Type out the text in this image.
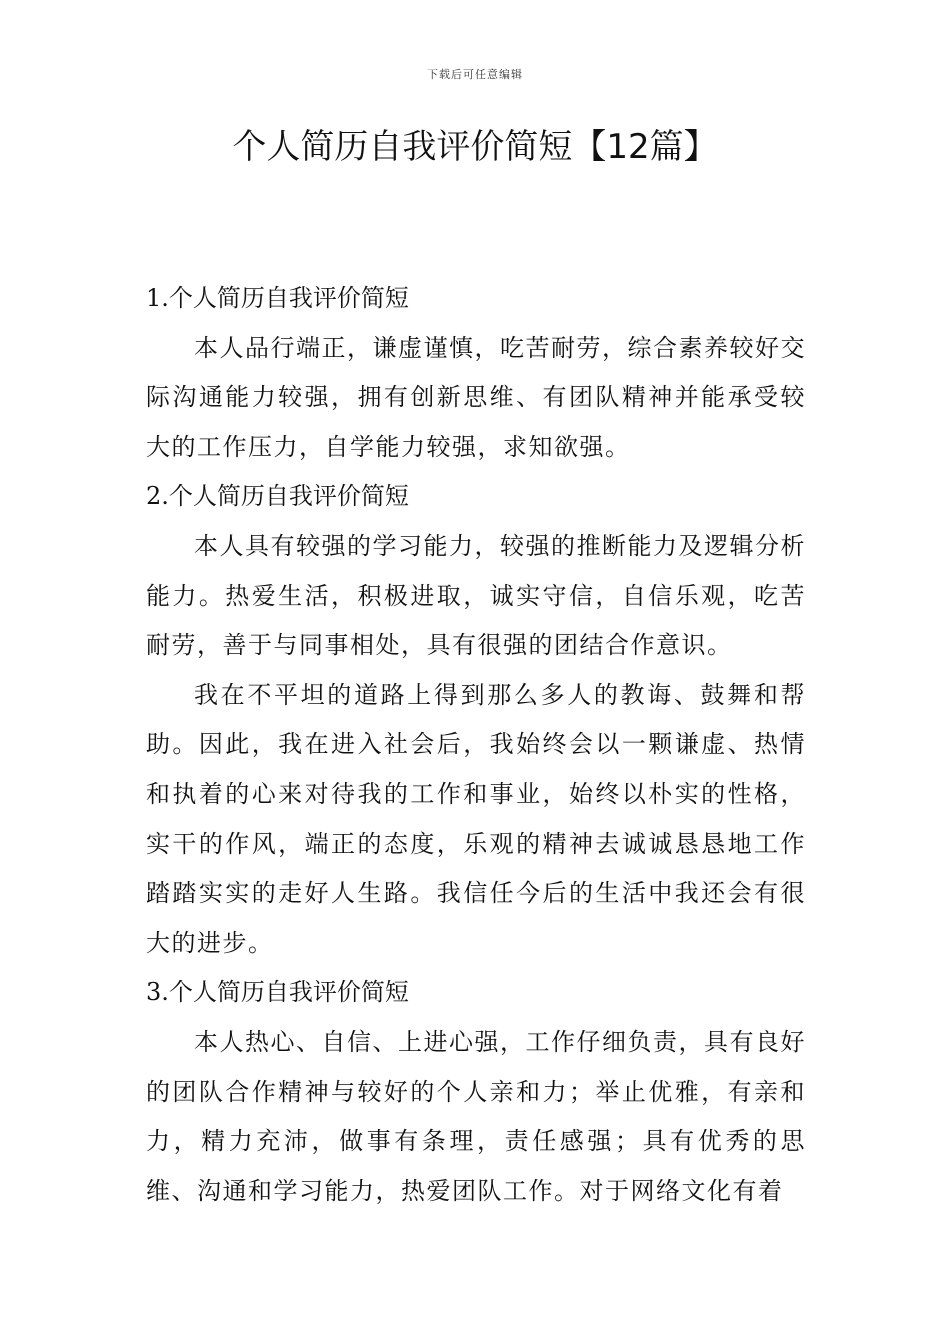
下载后可任意编辑
个人简历自我评价简短【12篇】

1.个人简历自我评价简短

本人品行端正，谦虚谨慎，吃苦耐劳，综合素养较好交际沟通能力较强，拥有创新思维、有团队精神并能承受较大的工作压力，自学能力较强，求知欲强。

2.个人简历自我评价简短

本人具有较强的学习能力，较强的推断能力及逻辑分析能力。热爱生活，积极进取，诚实守信，自信乐观，吃苦耐劳，善于与同事相处，具有很强的团结合作意识。

我在不平坦的道路上得到那么多人的教诲、鼓舞和帮助。因此，我在进入社会后，我始终会以一颗谦虚、热情和执着的心来对待我的工作和事业，始终以朴实的性格，实干的作风，端正的态度，乐观的精神去诚诚恳恳地工作踏踏实实的走好人生路。我信任今后的生活中我还会有很大的进步。

3.个人简历自我评价简短

本人热心、自信、上进心强，工作仔细负责，具有良好的团队合作精神与较好的个人亲和力；举止优雅，有亲和力，精力充沛，做事有条理，责任感强；具有优秀的思维、沟通和学习能力，热爱团队工作。对于网络文化有着
